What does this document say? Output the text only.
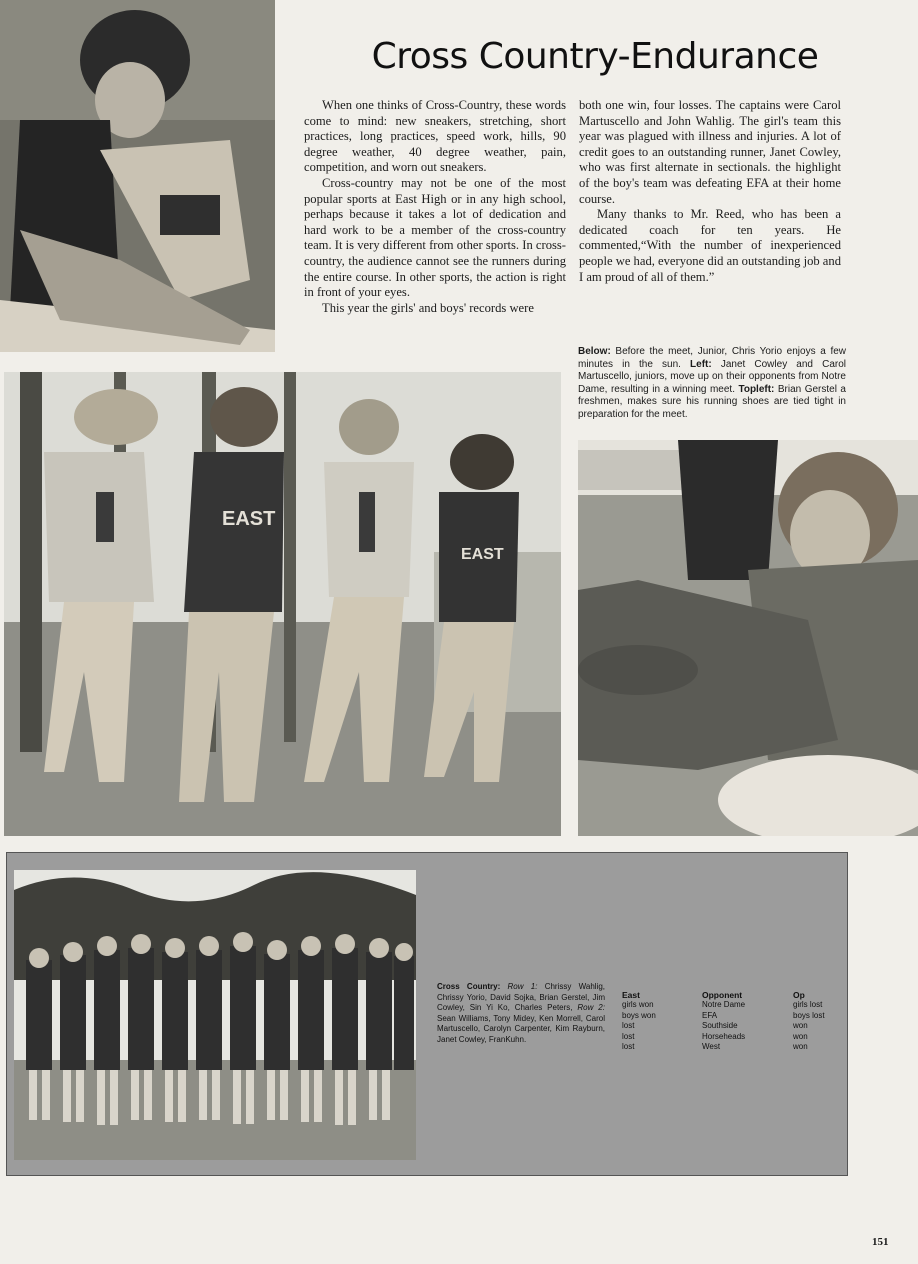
Cross Country-Endurance

When one thinks of Cross-Country, these words come to mind: new sneakers, stretching, short practices, long practices, speed work, hills, 90 degree weather, 40 degree weather, pain, competition, and worn out sneakers.

Cross-country may not be one of the most popular sports at East High or in any high school, perhaps because it takes a lot of dedication and hard work to be a member of the cross-country team. It is very different from other sports. In cross-country, the audience cannot see the runners during the entire course. In other sports, the action is right in front of your eyes.

This year the girls' and boys' records were

both one win, four losses. The captains were Carol Martuscello and John Wahlig. The girl's team this year was plagued with illness and injuries. A lot of credit goes to an outstanding runner, Janet Cowley, who was first alternate in sectionals. the highlight of the boy's team was defeating EFA at their home course.

Many thanks to Mr. Reed, who has been a dedicated coach for ten years. He commented,“With the number of inexperienced people we had, everyone did an outstanding job and I am proud of all of them.”

Below: Before the meet, Junior, Chris Yorio enjoys a few minutes in the sun. Left: Janet Cowley and Carol Martuscello, juniors, move up on their opponents from Notre Dame, resulting in a winning meet. Topleft: Brian Gerstel a freshmen, makes sure his running shoes are tied tight in preparation for the meet.
EAST
EAST
Cross Country: Row 1: Chrissy Wahlig, Chrissy Yorio, David Sojka, Brian Gerstel, Jim Cowley, Sin Yi Ko, Charles Peters, Row 2: Sean Williams, Tony Midey, Ken Morrell, Carol Martuscello, Carolyn Carpenter, Kim Rayburn, Janet Cowley, FranKuhn.
East
girls won
boys won
lost
lost
lost
Opponent
Notre Dame
EFA
Southside
Horseheads
West
Op
girls lost
boys lost
won
won
won
151
